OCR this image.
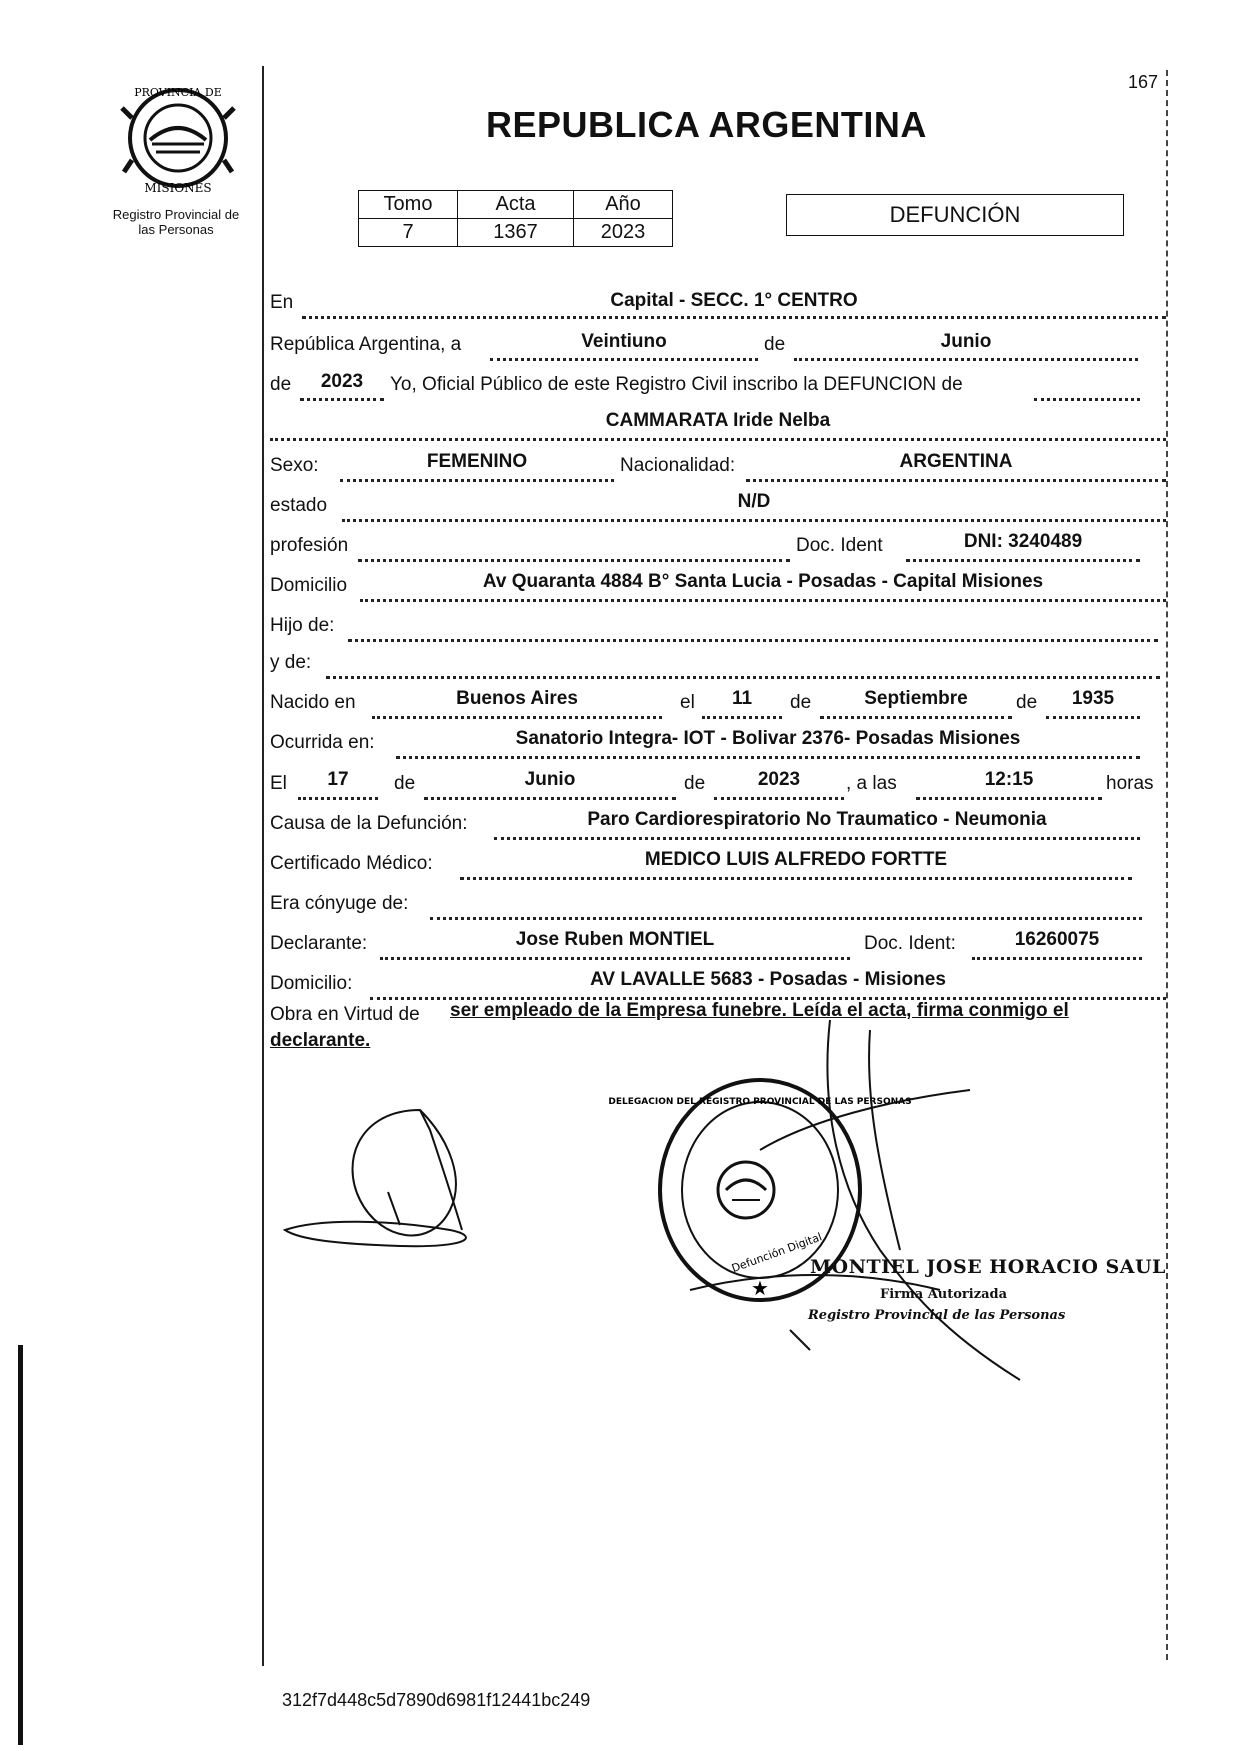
167
PROVINCIA DE
MISIONES
Registro Provincial de
las Personas
REPUBLICA ARGENTINA
Tomo	Acta	Año
7	1367	2023
DEFUNCIÓN
En	Capital - SECC. 1° CENTRO
República Argentina, a	Veintiuno	de	Junio
de	2023	Yo, Oficial Público de este Registro Civil inscribo la DEFUNCION de
CAMMARATA Iride Nelba
Sexo:	FEMENINO	Nacionalidad:	ARGENTINA
estado	N/D
profesión	Doc. Ident	DNI: 3240489
Domicilio	Av Quaranta 4884 B° Santa Lucia - Posadas - Capital Misiones
Hijo de:
y de:
Nacido en	Buenos Aires	el	11	de	Septiembre	de	1935
Ocurrida en:	Sanatorio Integra- IOT - Bolivar 2376- Posadas Misiones
El	17	de	Junio	de	2023	, a las	12:15	horas
Causa de la Defunción:	Paro Cardiorespiratorio No Traumatico - Neumonia
Certificado Médico:	MEDICO LUIS ALFREDO FORTTE
Era cónyuge de:
Declarante:	Jose Ruben MONTIEL	Doc. Ident:	16260075
Domicilio:	AV LAVALLE 5683 - Posadas - Misiones
Obra en Virtud de ser empleado de la Empresa funebre. Leída el acta, firma conmigo el
declarante.
★
DELEGACION DEL REGISTRO PROVINCIAL DE LAS PERSONAS
Defunción Digital
MONTIEL JOSE HORACIO SAUL
Firma Autorizada
Registro Provincial de las Personas
312f7d448c5d7890d6981f12441bc249
